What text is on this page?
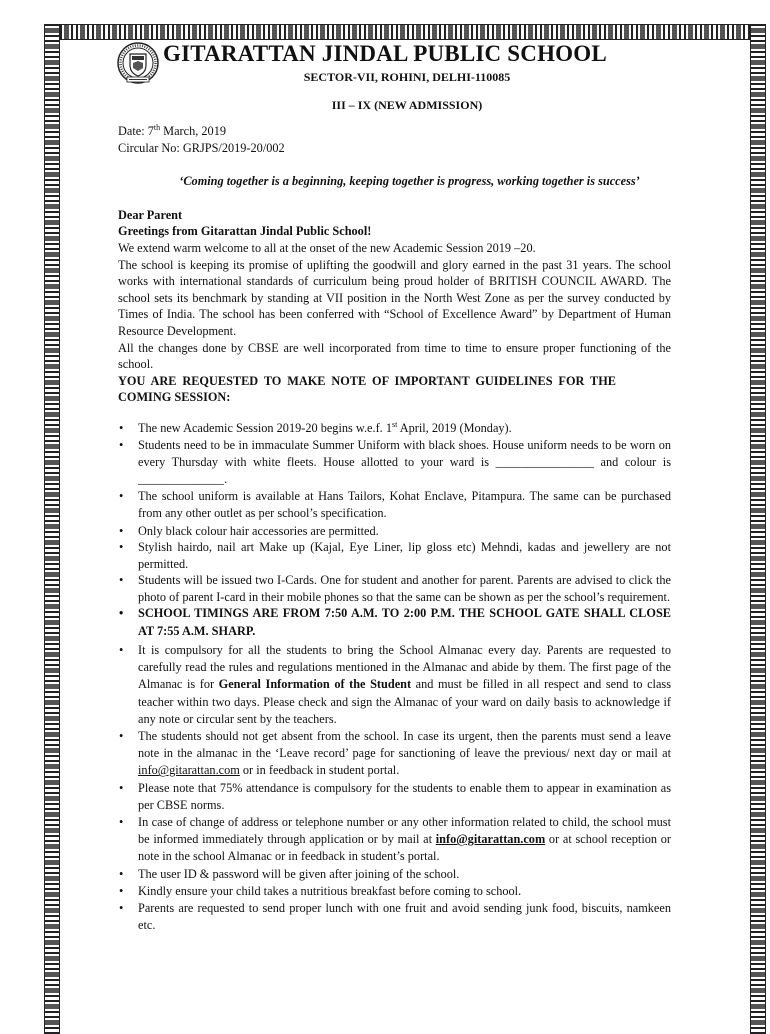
GITARATTAN JINDAL PUBLIC SCHOOL
SECTOR-VII, ROHINI, DELHI-110085
III – IX (NEW ADMISSION)

Date: 7th March, 2019

Circular No: GRJPS/2019-20/002

‘Coming together is a beginning, keeping together is progress, working together is success’

Dear Parent

Greetings from Gitarattan Jindal Public School!

We extend warm welcome to all at the onset of the new Academic Session 2019 –20.

The school is keeping its promise of uplifting the goodwill and glory earned in the past 31 years. The school works with international standards of curriculum being proud holder of BRITISH COUNCIL AWARD. The school sets its benchmark by standing at VII position in the North West Zone as per the survey conducted by Times of India. The school has been conferred with “School of Excellence Award” by Department of Human Resource Development.

All the changes done by CBSE are well incorporated from time to time to ensure proper functioning of the school.

YOU ARE REQUESTED TO MAKE NOTE OF IMPORTANT GUIDELINES FOR THE COMING SESSION:

• The new Academic Session 2019-20 begins w.e.f. 1st April, 2019 (Monday).
• Students need to be in immaculate Summer Uniform with black shoes. House uniform needs to be worn on every Thursday with white fleets. House allotted to your ward is ________________ and colour is ______________.
• The school uniform is available at Hans Tailors, Kohat Enclave, Pitampura. The same can be purchased from any other outlet as per school’s specification.
• Only black colour hair accessories are permitted.
• Stylish hairdo, nail art Make up (Kajal, Eye Liner, lip gloss etc) Mehndi, kadas and jewellery are not permitted.
• Students will be issued two I-Cards. One for student and another for parent. Parents are advised to click the photo of parent I-card in their mobile phones so that the same can be shown as per the school’s requirement.
• SCHOOL TIMINGS ARE FROM 7:50 A.M. TO 2:00 P.M. THE SCHOOL GATE SHALL CLOSE AT 7:55 A.M. SHARP.
• It is compulsory for all the students to bring the School Almanac every day. Parents are requested to carefully read the rules and regulations mentioned in the Almanac and abide by them. The first page of the Almanac is for General Information of the Student and must be filled in all respect and send to class teacher within two days. Please check and sign the Almanac of your ward on daily basis to acknowledge if any note or circular sent by the teachers.
• The students should not get absent from the school. In case its urgent, then the parents must send a leave note in the almanac in the ‘Leave record’ page for sanctioning of leave the previous/ next day or mail at info@gitarattan.com or in feedback in student portal.
• Please note that 75% attendance is compulsory for the students to enable them to appear in examination as per CBSE norms.
• In case of change of address or telephone number or any other information related to child, the school must be informed immediately through application or by mail at info@gitarattan.com or at school reception or note in the school Almanac or in feedback in student’s portal.
• The user ID & password will be given after joining of the school.
• Kindly ensure your child takes a nutritious breakfast before coming to school.
• Parents are requested to send proper lunch with one fruit and avoid sending junk food, biscuits, namkeen etc.
